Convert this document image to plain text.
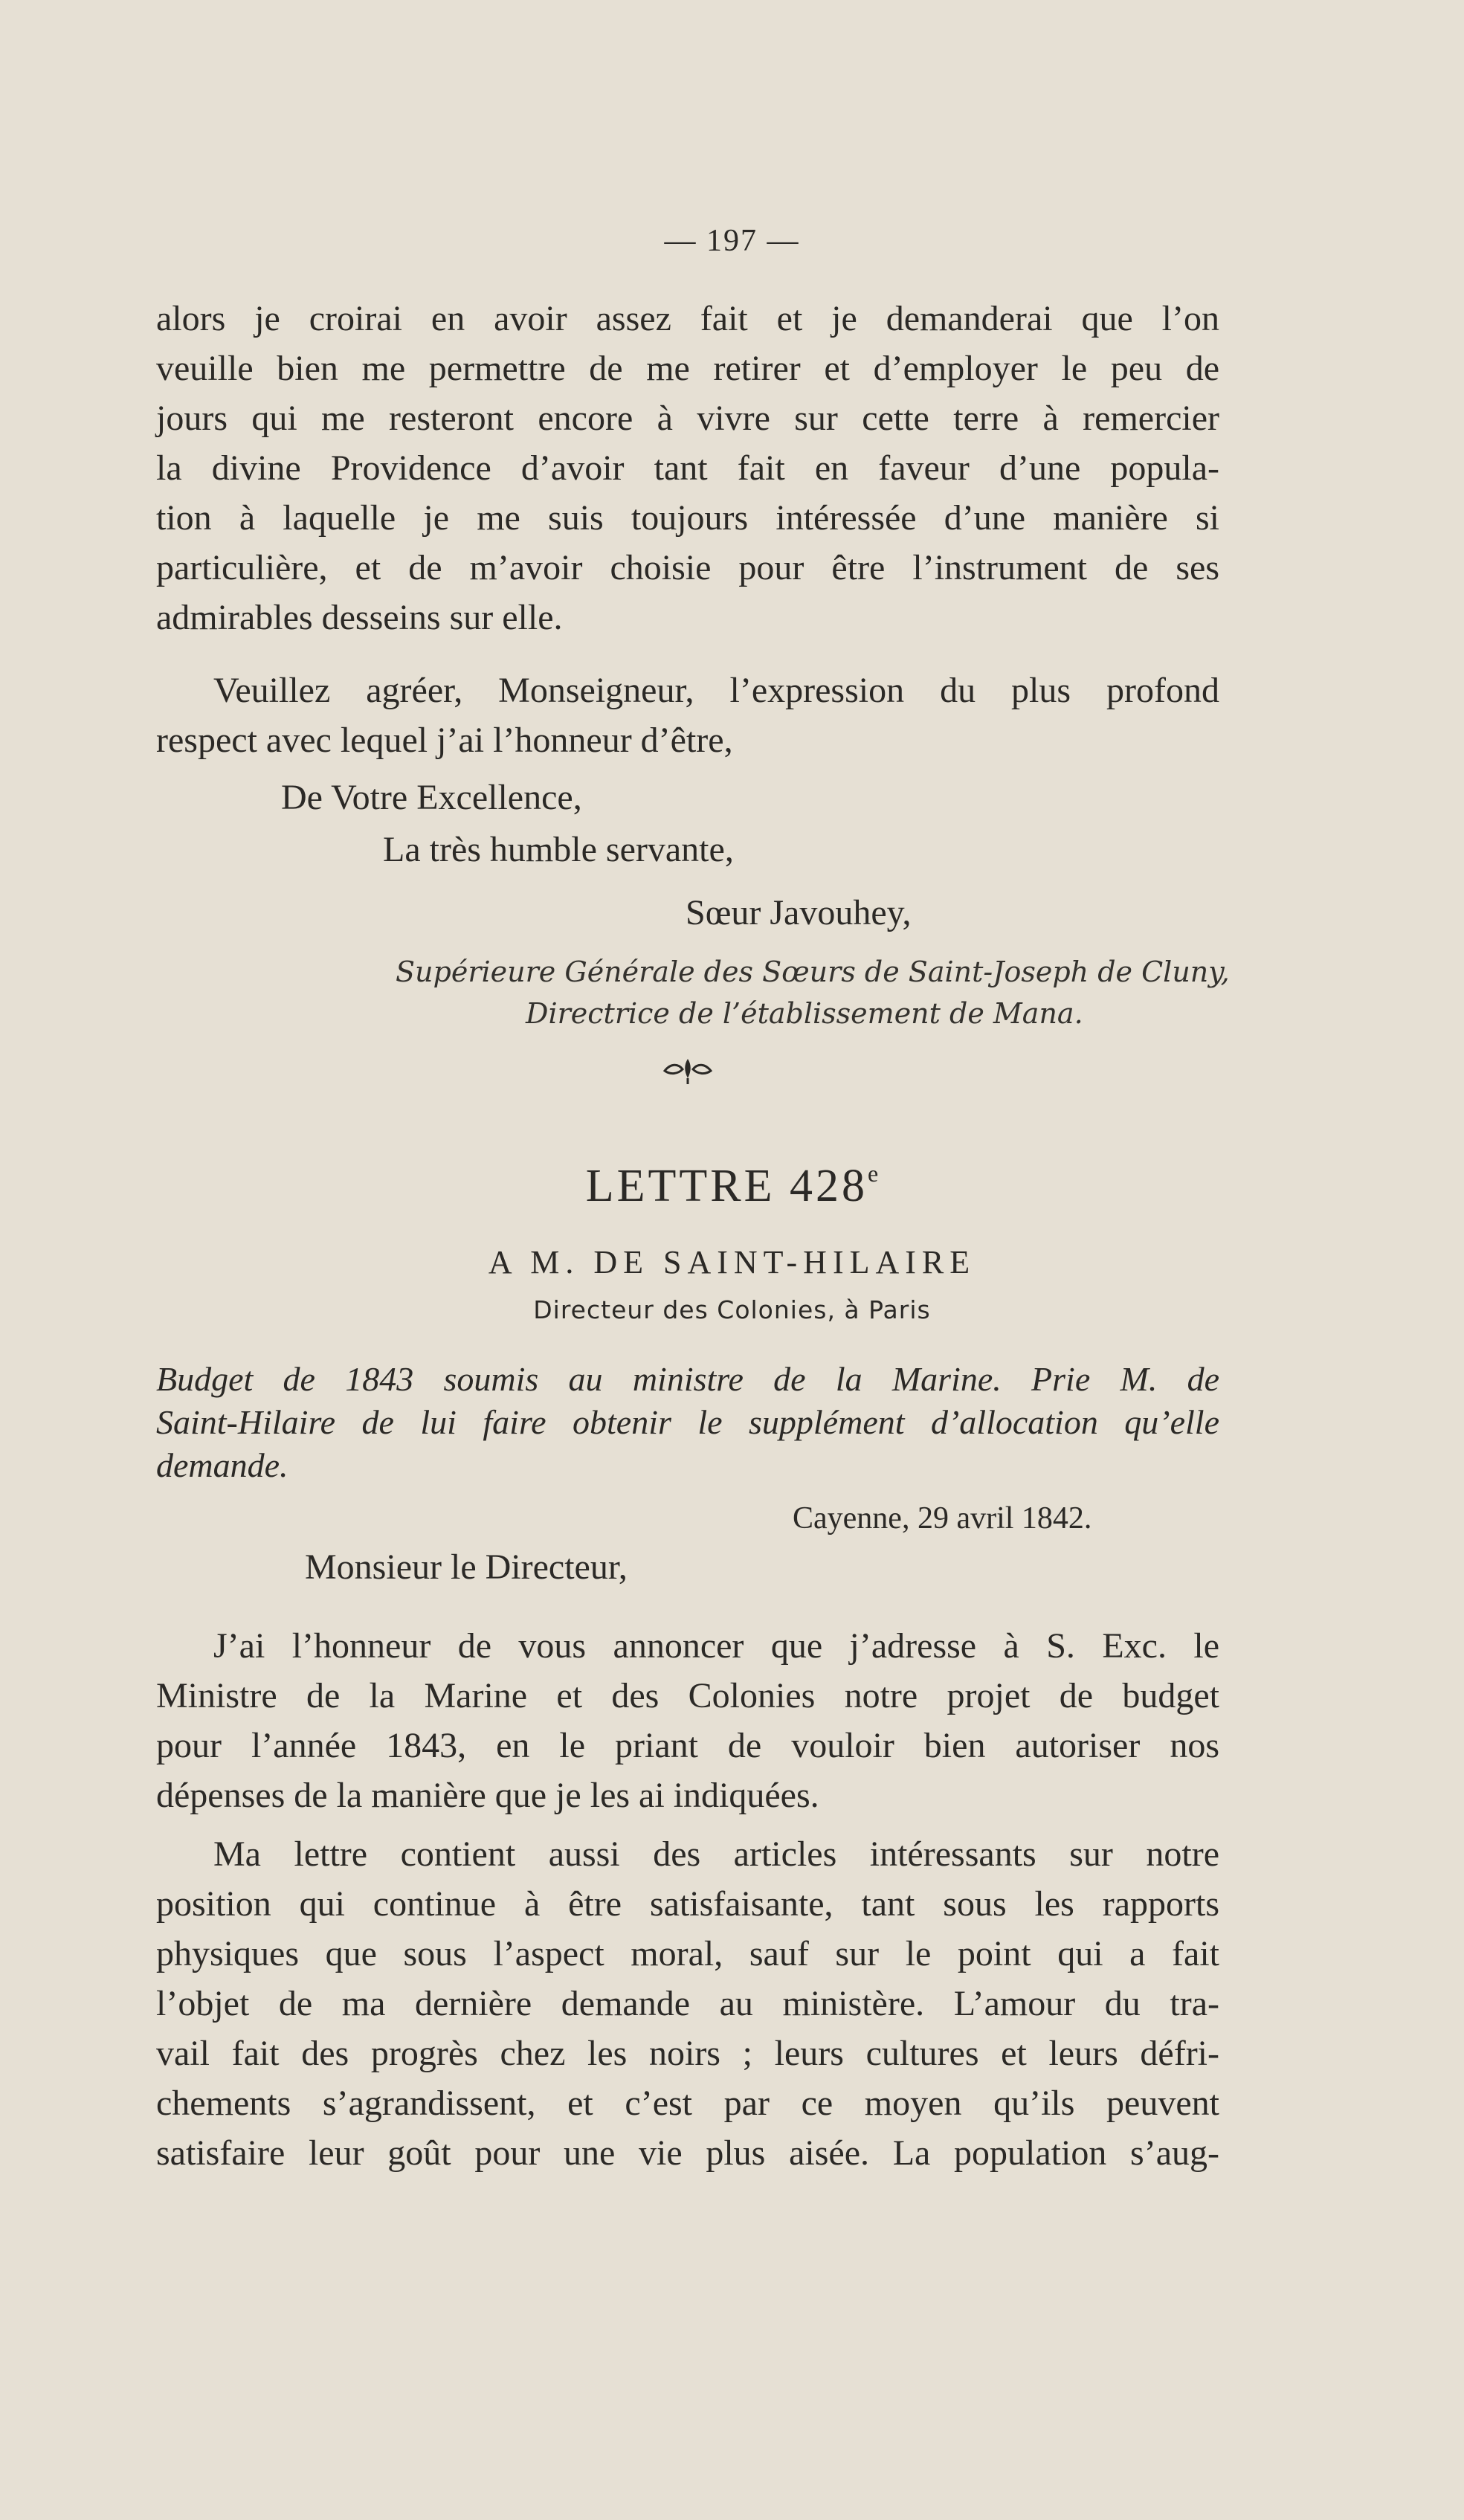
— 197 —
alors je croirai en avoir assez fait et je demanderai que l’on
veuille bien me permettre de me retirer et d’employer le peu de
jours qui me resteront encore à vivre sur cette terre à remercier
la divine Providence d’avoir tant fait en faveur d’une popula-
tion à laquelle je me suis toujours intéressée d’une manière si
particulière, et de m’avoir choisie pour être l’instrument de ses
admirables desseins sur elle.
Veuillez agréer, Monseigneur, l’expression du plus profond
respect avec lequel j’ai l’honneur d’être,
De Votre Excellence,
La très humble servante,
Sœur Javouhey,
Supérieure Générale des Sœurs de Saint-Joseph de Cluny,
Directrice de l’établissement de Mana.
LETTRE 428e
A M. DE SAINT-HILAIRE
Directeur des Colonies, à Paris
Budget de 1843 soumis au ministre de la Marine. Prie M. de
Saint-Hilaire de lui faire obtenir le supplément d’allocation qu’elle
demande.
Cayenne, 29 avril 1842.
Monsieur le Directeur,
J’ai l’honneur de vous annoncer que j’adresse à S. Exc. le
Ministre de la Marine et des Colonies notre projet de budget
pour l’année 1843, en le priant de vouloir bien autoriser nos
dépenses de la manière que je les ai indiquées.
Ma lettre contient aussi des articles intéressants sur notre
position qui continue à être satisfaisante, tant sous les rapports
physiques que sous l’aspect moral, sauf sur le point qui a fait
l’objet de ma dernière demande au ministère. L’amour du tra-
vail fait des progrès chez les noirs ; leurs cultures et leurs défri-
chements s’agrandissent, et c’est par ce moyen qu’ils peuvent
satisfaire leur goût pour une vie plus aisée. La population s’aug-
